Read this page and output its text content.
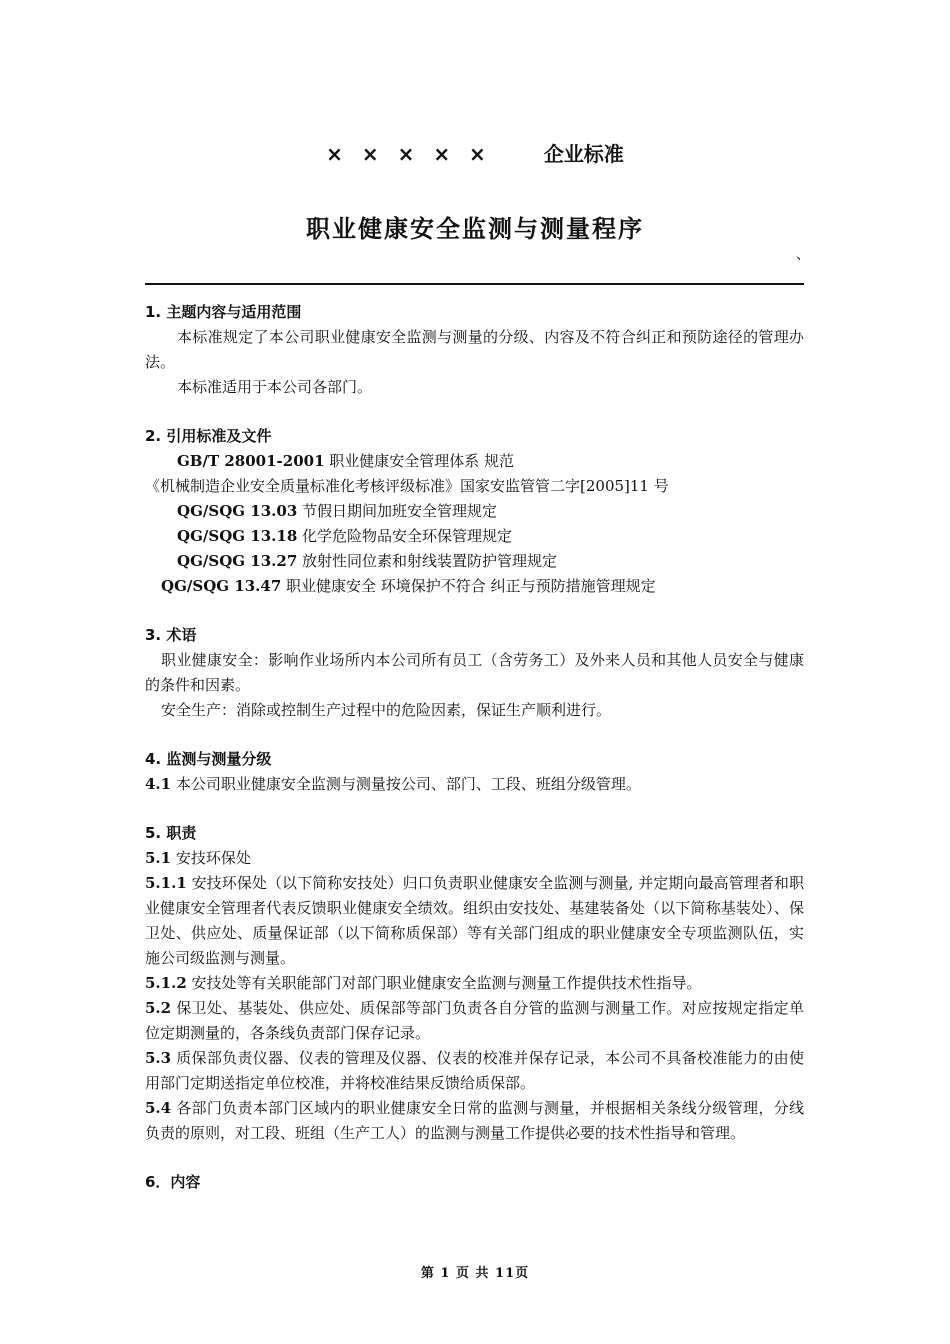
× × × × ×	企业标准
职业健康安全监测与测量程序
、
1. 主题内容与适用范围
本标准规定了本公司职业健康安全监测与测量的分级、内容及不符合纠正和预防途径的管理办法。
本标准适用于本公司各部门。
2. 引用标准及文件
GB/T 28001-2001 职业健康安全管理体系 规范
《机械制造企业安全质量标准化考核评级标准》国家安监管管二字[2005]11 号
QG/SQG 13.03 节假日期间加班安全管理规定
QG/SQG 13.18 化学危险物品安全环保管理规定
QG/SQG 13.27 放射性同位素和射线装置防护管理规定
QG/SQG 13.47 职业健康安全 环境保护不符合 纠正与预防措施管理规定
3. 术语
职业健康安全：影响作业场所内本公司所有员工（含劳务工）及外来人员和其他人员安全与健康的条件和因素。
安全生产：消除或控制生产过程中的危险因素，保证生产顺利进行。
4. 监测与测量分级
4.1 本公司职业健康安全监测与测量按公司、部门、工段、班组分级管理。
5. 职责
5.1 安技环保处
5.1.1 安技环保处（以下简称安技处）归口负责职业健康安全监测与测量, 并定期向最高管理者和职业健康安全管理者代表反馈职业健康安全绩效。组织由安技处、基建装备处（以下简称基装处）、保卫处、供应处、质量保证部（以下简称质保部）等有关部门组成的职业健康安全专项监测队伍，实施公司级监测与测量。
5.1.2 安技处等有关职能部门对部门职业健康安全监测与测量工作提供技术性指导。
5.2 保卫处、基装处、供应处、质保部等部门负责各自分管的监测与测量工作。对应按规定指定单位定期测量的，各条线负责部门保存记录。
5.3 质保部负责仪器、仪表的管理及仪器、仪表的校准并保存记录，本公司不具备校准能力的由使用部门定期送指定单位校准，并将校准结果反馈给质保部。
5.4 各部门负责本部门区域内的职业健康安全日常的监测与测量，并根据相关条线分级管理，分线负责的原则，对工段、班组（生产工人）的监测与测量工作提供必要的技术性指导和管理。
6．内容
第 1 页 共 11页
